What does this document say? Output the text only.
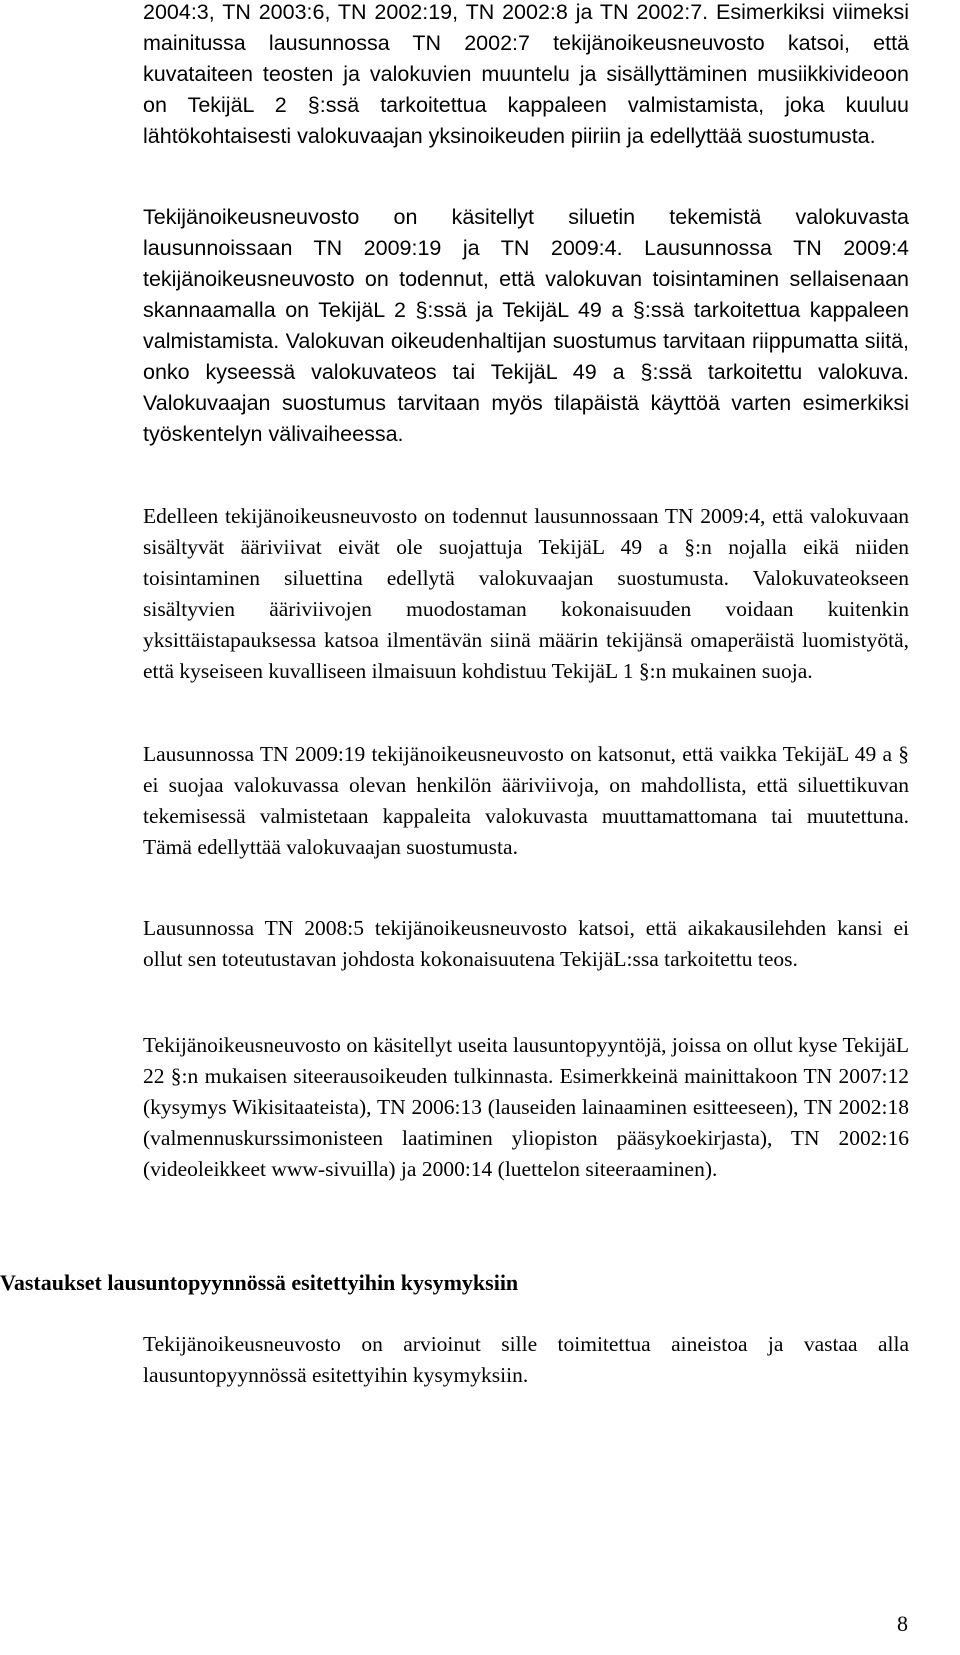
2004:3, TN 2003:6, TN 2002:19, TN 2002:8 ja TN 2002:7. Esimerkiksi viimeksi mainitussa lausunnossa TN 2002:7 tekijänoikeusneuvosto katsoi, että kuvataiteen teosten ja valokuvien muuntelu ja sisällyttäminen musiikkivideoon on TekijäL 2 §:ssä tarkoitettua kappaleen valmistamista, joka kuuluu lähtökohtaisesti valokuvaajan yksinoikeuden piiriin ja edellyttää suostumusta.

Tekijänoikeusneuvosto on käsitellyt siluetin tekemistä valokuvasta lausunnoissaan TN 2009:19 ja TN 2009:4. Lausunnossa TN 2009:4 tekijänoikeusneuvosto on todennut, että valokuvan toisintaminen sellaisenaan skannaamalla on TekijäL 2 §:ssä ja TekijäL 49 a §:ssä tarkoitettua kappaleen valmistamista. Valokuvan oikeudenhaltijan suostumus tarvitaan riippumatta siitä, onko kyseessä valokuvateos tai TekijäL 49 a §:ssä tarkoitettu valokuva. Valokuvaajan suostumus tarvitaan myös tilapäistä käyttöä varten esimerkiksi työskentelyn välivaiheessa.

Edelleen tekijänoikeusneuvosto on todennut lausunnossaan TN 2009:4, että valokuvaan sisältyvät ääriviivat eivät ole suojattuja TekijäL 49 a §:n nojalla eikä niiden toisintaminen siluettina edellytä valokuvaajan suostumusta. Valokuvateokseen sisältyvien ääriviivojen muodostaman kokonaisuuden voidaan kuitenkin yksittäistapauksessa katsoa ilmentävän siinä määrin tekijänsä omaperäistä luomistyötä, että kyseiseen kuvalliseen ilmaisuun kohdistuu TekijäL 1 §:n mukainen suoja.

Lausunnossa TN 2009:19 tekijänoikeusneuvosto on katsonut, että vaikka TekijäL 49 a § ei suojaa valokuvassa olevan henkilön ääriviivoja, on mahdollista, että siluettikuvan tekemisessä valmistetaan kappaleita valokuvasta muuttamattomana tai muutettuna. Tämä edellyttää valokuvaajan suostumusta.

Lausunnossa TN 2008:5 tekijänoikeusneuvosto katsoi, että aikakausilehden kansi ei ollut sen toteutustavan johdosta kokonaisuutena TekijäL:ssa tarkoitettu teos.

Tekijänoikeusneuvosto on käsitellyt useita lausuntopyyntöjä, joissa on ollut kyse TekijäL 22 §:n mukaisen siteerausoikeuden tulkinnasta. Esimerkkeinä mainittakoon TN 2007:12 (kysymys Wikisitaateista), TN 2006:13 (lauseiden lainaaminen esitteeseen), TN 2002:18 (valmennuskurssimonisteen laatiminen yliopiston pääsykoekirjasta), TN 2002:16 (videoleikkeet www-sivuilla) ja 2000:14 (luettelon siteeraaminen).

Vastaukset lausuntopyynnössä esitettyihin kysymyksiin

Tekijänoikeusneuvosto on arvioinut sille toimitettua aineistoa ja vastaa alla lausuntopyynnössä esitettyihin kysymyksiin.

8
